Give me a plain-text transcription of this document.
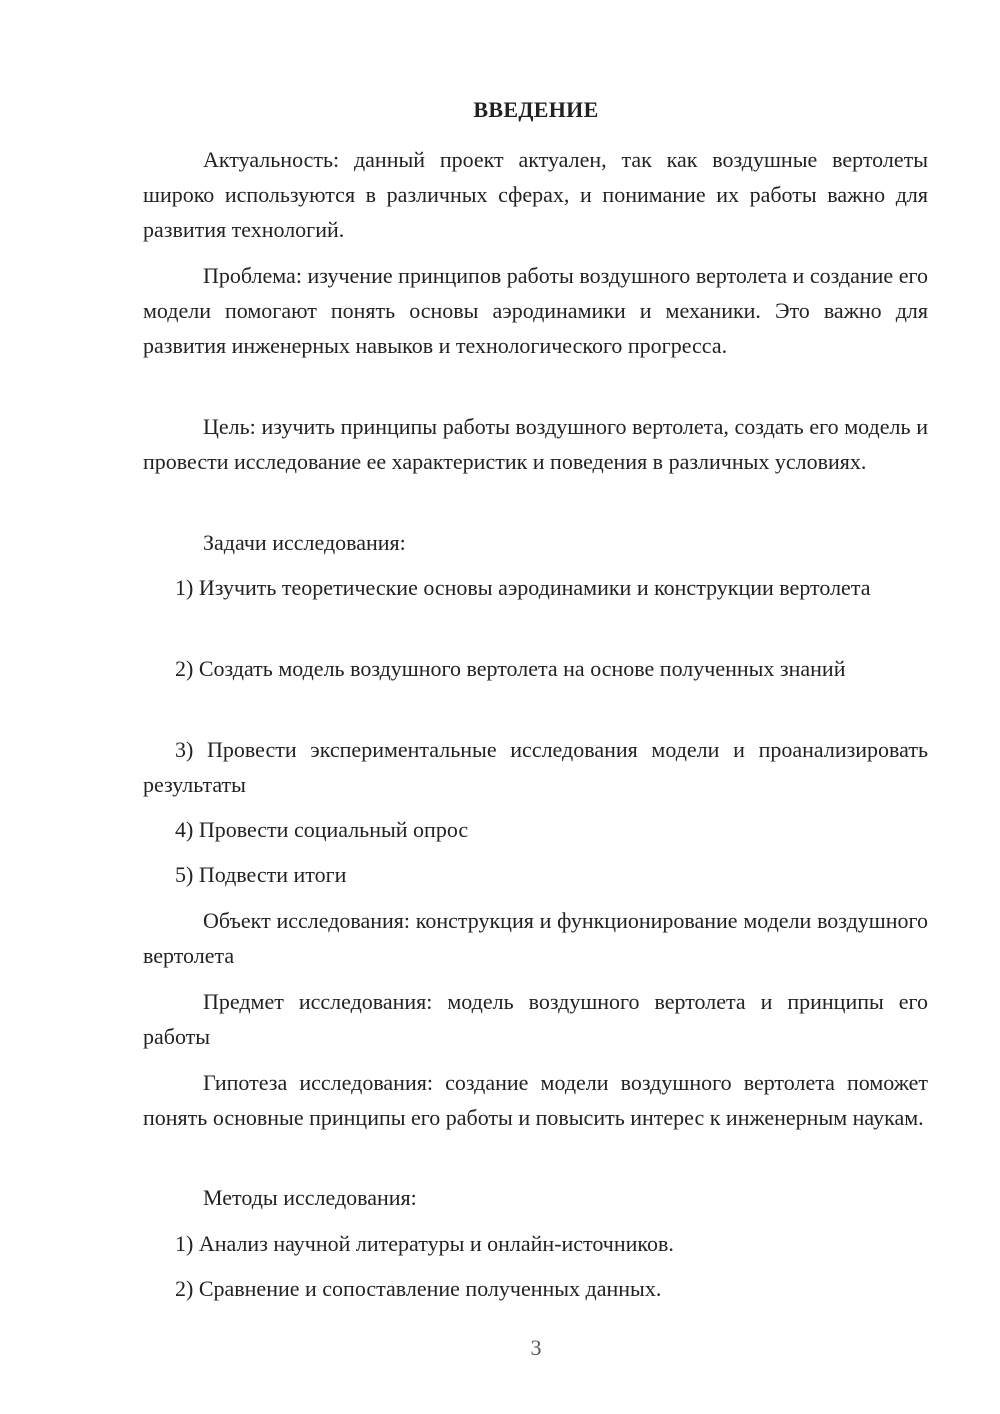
ВВЕДЕНИЕ
Актуальность: данный проект актуален, так как воздушные вертолеты широко используются в различных сферах, и понимание их работы важно для развития технологий.
Проблема: изучение принципов работы воздушного вертолета и создание его модели помогают понять основы аэродинамики и механики. Это важно для развития инженерных навыков и технологического прогресса.
Цель: изучить принципы работы воздушного вертолета, создать его модель и провести исследование ее характеристик и поведения в различных условиях.
Задачи исследования:
1) Изучить теоретические основы аэродинамики и конструкции вертолета
2) Создать модель воздушного вертолета на основе полученных знаний
3) Провести экспериментальные исследования модели и проанализировать результаты
4) Провести социальный опрос
5) Подвести итоги
Объект исследования: конструкция и функционирование модели воздушного вертолета
Предмет исследования: модель воздушного вертолета и принципы его работы
Гипотеза исследования: создание модели воздушного вертолета поможет понять основные принципы его работы и повысить интерес к инженерным наукам.
Методы исследования:
1) Анализ научной литературы и онлайн-источников.
2) Сравнение и сопоставление полученных данных.
3
